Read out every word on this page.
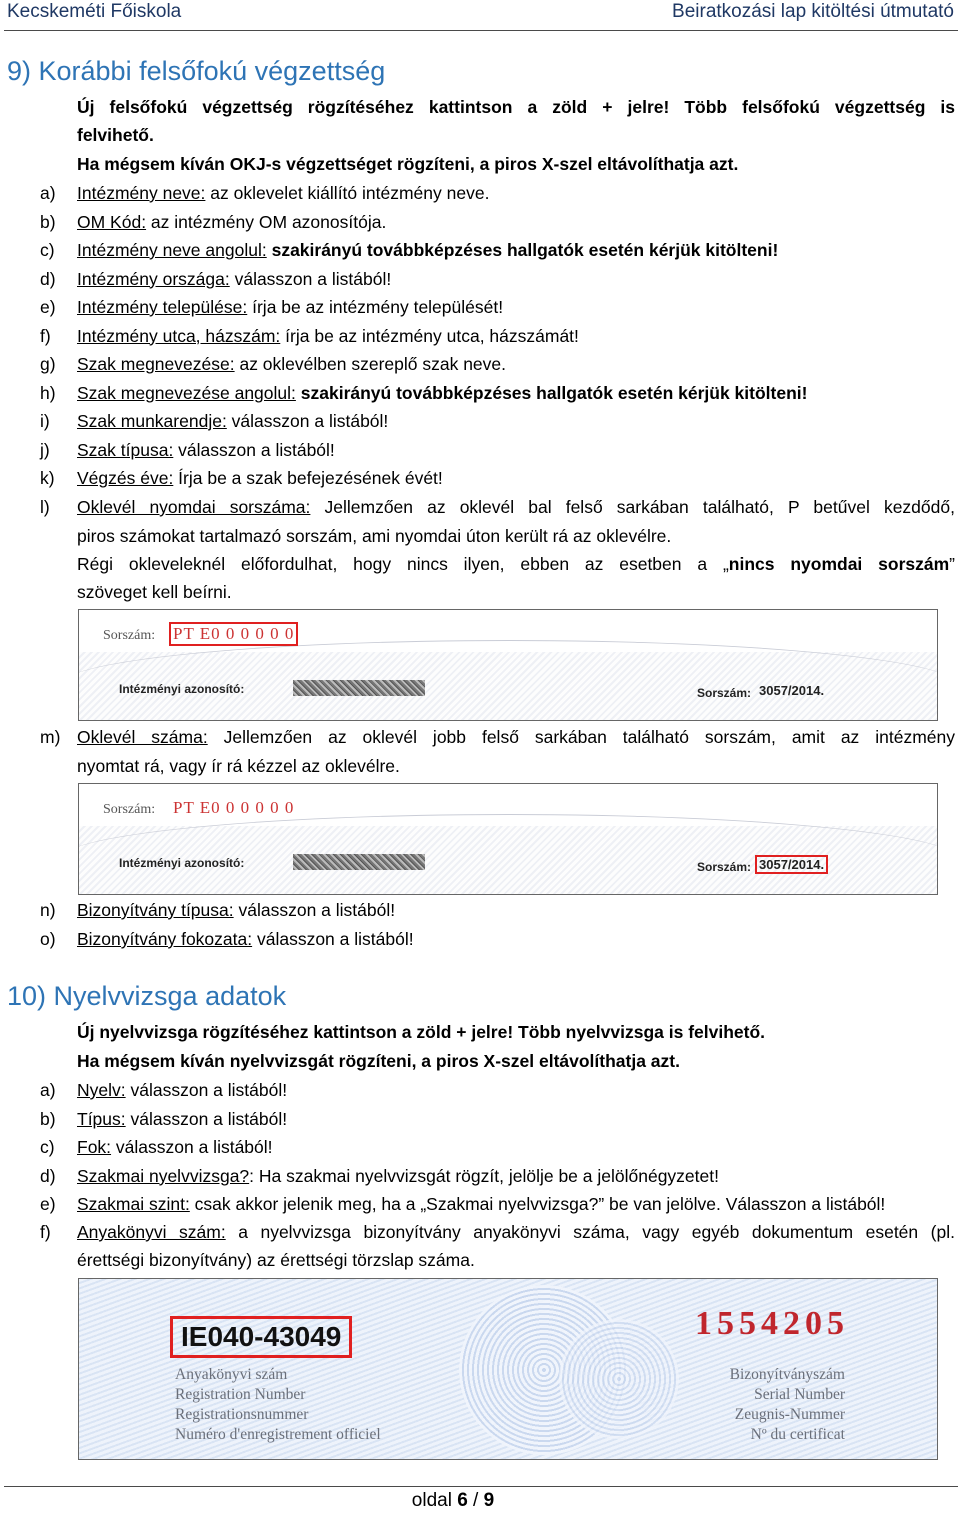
Kecskeméti Főiskola	Beiratkozási lap kitöltési útmutató
9) Korábbi felsőfokú végzettség
Új felsőfokú végzettség rögzítéséhez kattintson a zöld + jelre! Több felsőfokú végzettség is
felvihető.
Ha mégsem kíván OKJ-s végzettséget rögzíteni, a piros X-szel eltávolíthatja azt.
a) Intézmény neve: az oklevelet kiállító intézmény neve.
b) OM Kód: az intézmény OM azonosítója.
c) Intézmény neve angolul: szakirányú továbbképzéses hallgatók esetén kérjük kitölteni!
d) Intézmény országa: válasszon a listából!
e) Intézmény települése: írja be az intézmény települését!
f) Intézmény utca, házszám: írja be az intézmény utca, házszámát!
g) Szak megnevezése: az oklevélben szereplő szak neve.
h) Szak megnevezése angolul: szakirányú továbbképzéses hallgatók esetén kérjük kitölteni!
i) Szak munkarendje: válasszon a listából!
j) Szak típusa: válasszon a listából!
k) Végzés éve: Írja be a szak befejezésének évét!
l) Oklevél nyomdai sorszáma: Jellemzően az oklevél bal felső sarkában található, P betűvel kezdődő,
piros számokat tartalmazó sorszám, ami nyomdai úton került rá az oklevélre.
Régi okleveleknél előfordulhat, hogy nincs ilyen, ebben az esetben a „nincs nyomdai sorszám”
szöveget kell beírni.
Sorszám: PT E0 0 0 0 0 0
Intézményi azonosító:	Sorszám: 3057/2014.
m) Oklevél száma: Jellemzően az oklevél jobb felső sarkában található sorszám, amit az intézmény
nyomtat rá, vagy ír rá kézzel az oklevélre.
Sorszám: PT E0 0 0 0 0 0
Intézményi azonosító:	Sorszám: 3057/2014.
n) Bizonyítvány típusa: válasszon a listából!
o) Bizonyítvány fokozata: válasszon a listából!
10) Nyelvvizsga adatok
Új nyelvvizsga rögzítéséhez kattintson a zöld + jelre! Több nyelvvizsga is felvihető.
Ha mégsem kíván nyelvvizsgát rögzíteni, a piros X-szel eltávolíthatja azt.
a) Nyelv: válasszon a listából!
b) Típus: válasszon a listából!
c) Fok: válasszon a listából!
d) Szakmai nyelvvizsga?: Ha szakmai nyelvvizsgát rögzít, jelölje be a jelölőnégyzetet!
e) Szakmai szint: csak akkor jelenik meg, ha a „Szakmai nyelvvizsga?” be van jelölve. Válasszon a listából!
f) Anyakönyvi szám: a nyelvvizsga bizonyítvány anyakönyvi száma, vagy egyéb dokumentum esetén (pl.
érettségi bizonyítvány) az érettségi törzslap száma.
IE040-43049	1554205
Anyakönyvi szám
Registration Number
Registrationsnummer
Numéro d'enregistrement officiel
Bizonyítványszám
Serial Number
Zeugnis-Nummer
Nº du certificat
oldal 6 / 9
